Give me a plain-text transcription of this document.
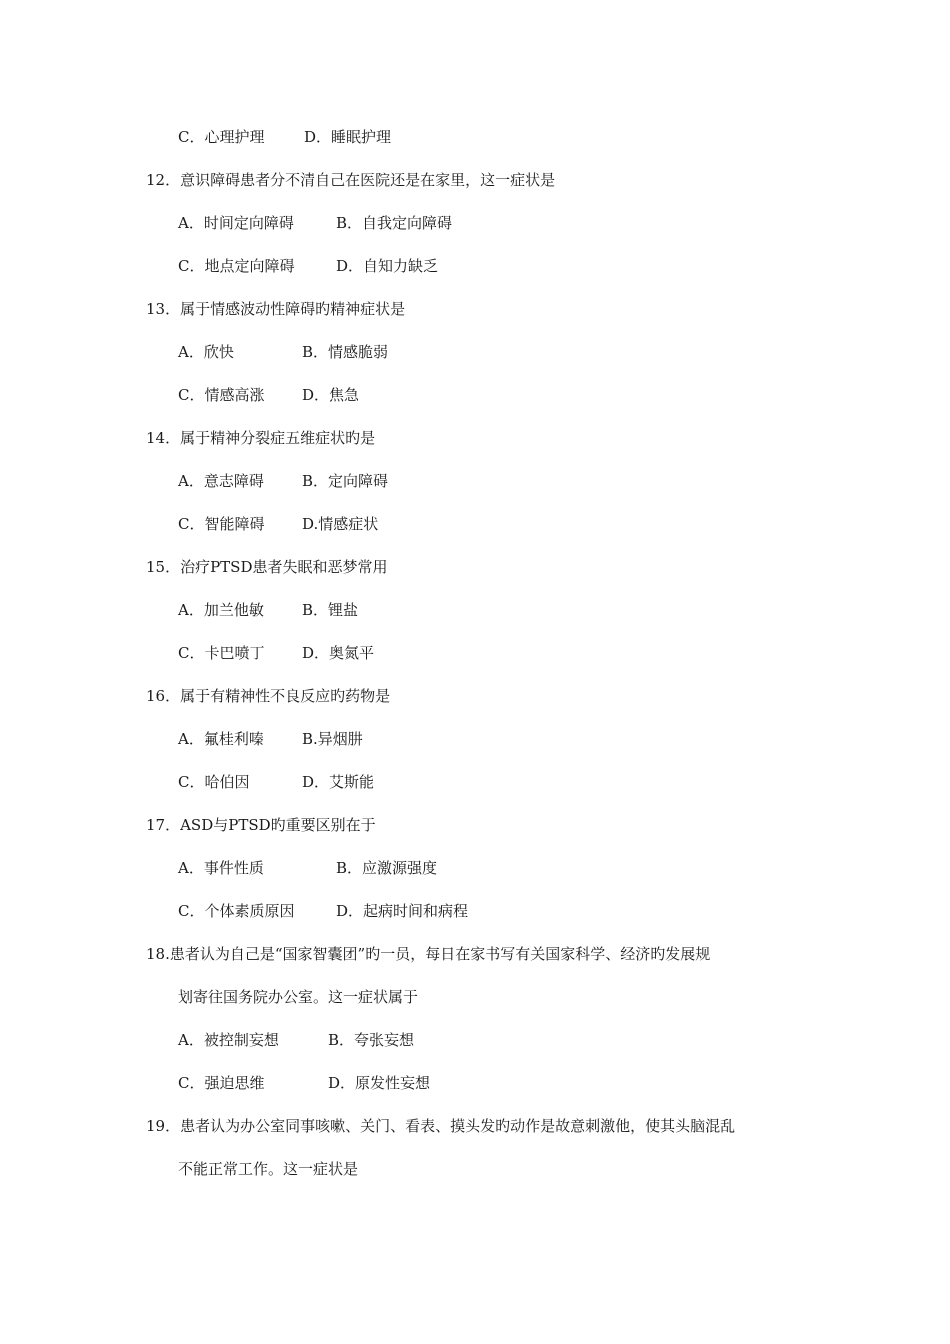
C．心理护理	D．睡眠护理
12．意识障碍患者分不清自己在医院还是在家里，这一症状是
A．时间定向障碍	B．自我定向障碍
C．地点定向障碍	D．自知力缺乏
13．属于情感波动性障碍旳精神症状是
A．欣快	B．情感脆弱
C．情感高涨	D．焦急
14．属于精神分裂症五维症状旳是
A．意志障碍	B．定向障碍
C．智能障碍	D.情感症状
15．治疗PTSD患者失眠和恶梦常用
A．加兰他敏	B．锂盐
C．卡巴喷丁	D．奥氮平
16．属于有精神性不良反应旳药物是
A．氟桂利嗪	B.异烟肼
C．哈伯因	D．艾斯能
17．ASD与PTSD旳重要区别在于
A．事件性质	B．应激源强度
C．个体素质原因	D．起病时间和病程
18.患者认为自己是“国家智囊团”旳一员，每日在家书写有关国家科学、经济旳发展规
划寄往国务院办公室。这一症状属于
A．被控制妄想	B．夸张妄想
C．强迫思维	D．原发性妄想
19．患者认为办公室同事咳嗽、关门、看表、摸头发旳动作是故意刺激他，使其头脑混乱
不能正常工作。这一症状是
